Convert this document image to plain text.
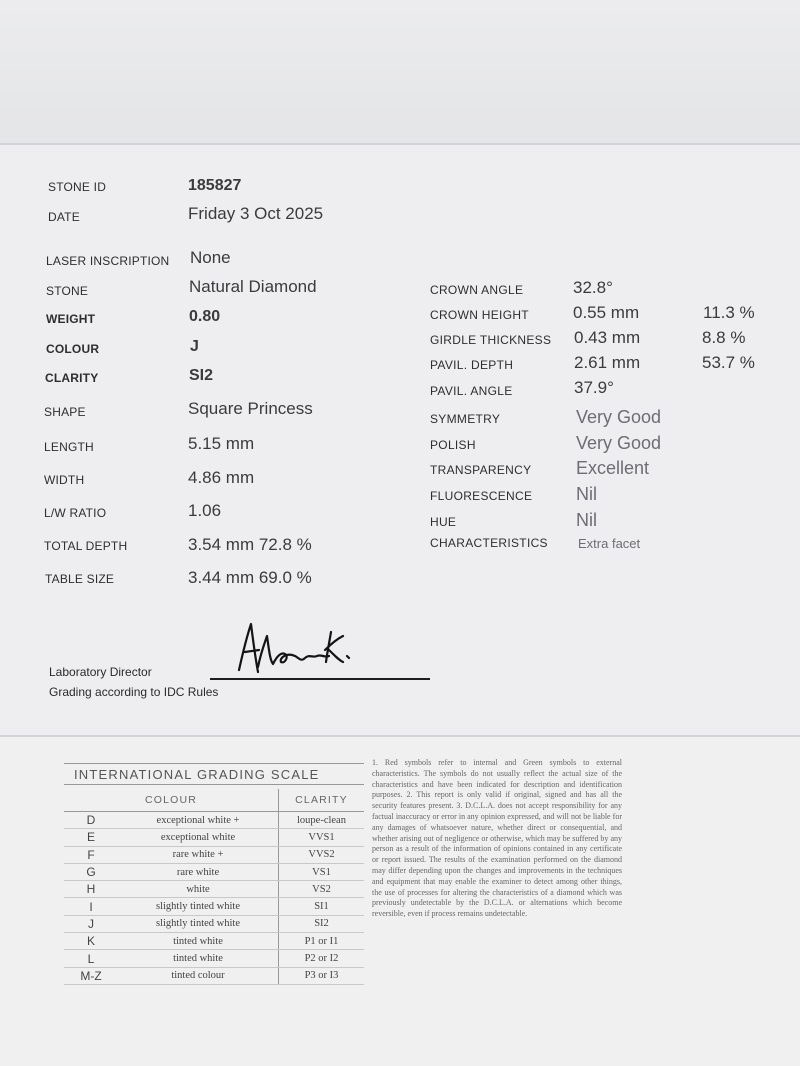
STONE ID	185827
DATE	Friday 3 Oct 2025
LASER INSCRIPTION None
STONE	Natural Diamond
WEIGHT	0.80
COLOUR	J
CLARITY	SI2
SHAPE	Square Princess
LENGTH	5.15 mm
WIDTH	4.86 mm
L/W RATIO	1.06
TOTAL DEPTH	3.54 mm 72.8 %
TABLE SIZE	3.44 mm 69.0 %
CROWN ANGLE	32.8°
CROWN HEIGHT	0.55 mm	11.3 %
GIRDLE THICKNESS 0.43 mm	8.8 %
PAVIL. DEPTH	2.61 mm	53.7 %
PAVIL. ANGLE	37.9°
SYMMETRY	Very Good
POLISH	Very Good
TRANSPARENCY Excellent
FLUORESCENCE Nil
HUE	Nil
CHARACTERISTICS Extra facet
Laboratory Director
Grading according to IDC Rules
INTERNATIONAL GRADING SCALE
COLOUR		CLARITY
D	exceptional white +	loupe-clean
E	exceptional white	VVS1
F	rare white +	VVS2
G	rare white	VS1
H	white	VS2
I	slightly tinted white	SI1
J	slightly tinted white	SI2
K	tinted white	P1 or I1
L	tinted white	P2 or I2
M-Z	tinted colour	P3 or I3
1. Red symbols refer to internal and Green symbols to external characteristics. The symbols do not usually reflect the actual size of the characteristics and have been indicated for description and identification purposes. 2. This report is only valid if original, signed and has all the security features present. 3. D.C.L.A. does not accept responsibility for any factual inaccuracy or error in any opinion expressed, and will not be liable for any damages of whatsoever nature, whether direct or consequential, and whether arising out of negligence or otherwise, which may be suffered by any person as a result of the information of opinions contained in any certificate or report issued. The results of the examination performed on the diamond may differ depending upon the changes and improvements in the techniques and equipment that may enable the examiner to detect among other things, the use of processes for altering the characteristics of a diamond which was previously undetectable by the D.C.L.A. or alternations which become reversible, even if process remains undetectable.
